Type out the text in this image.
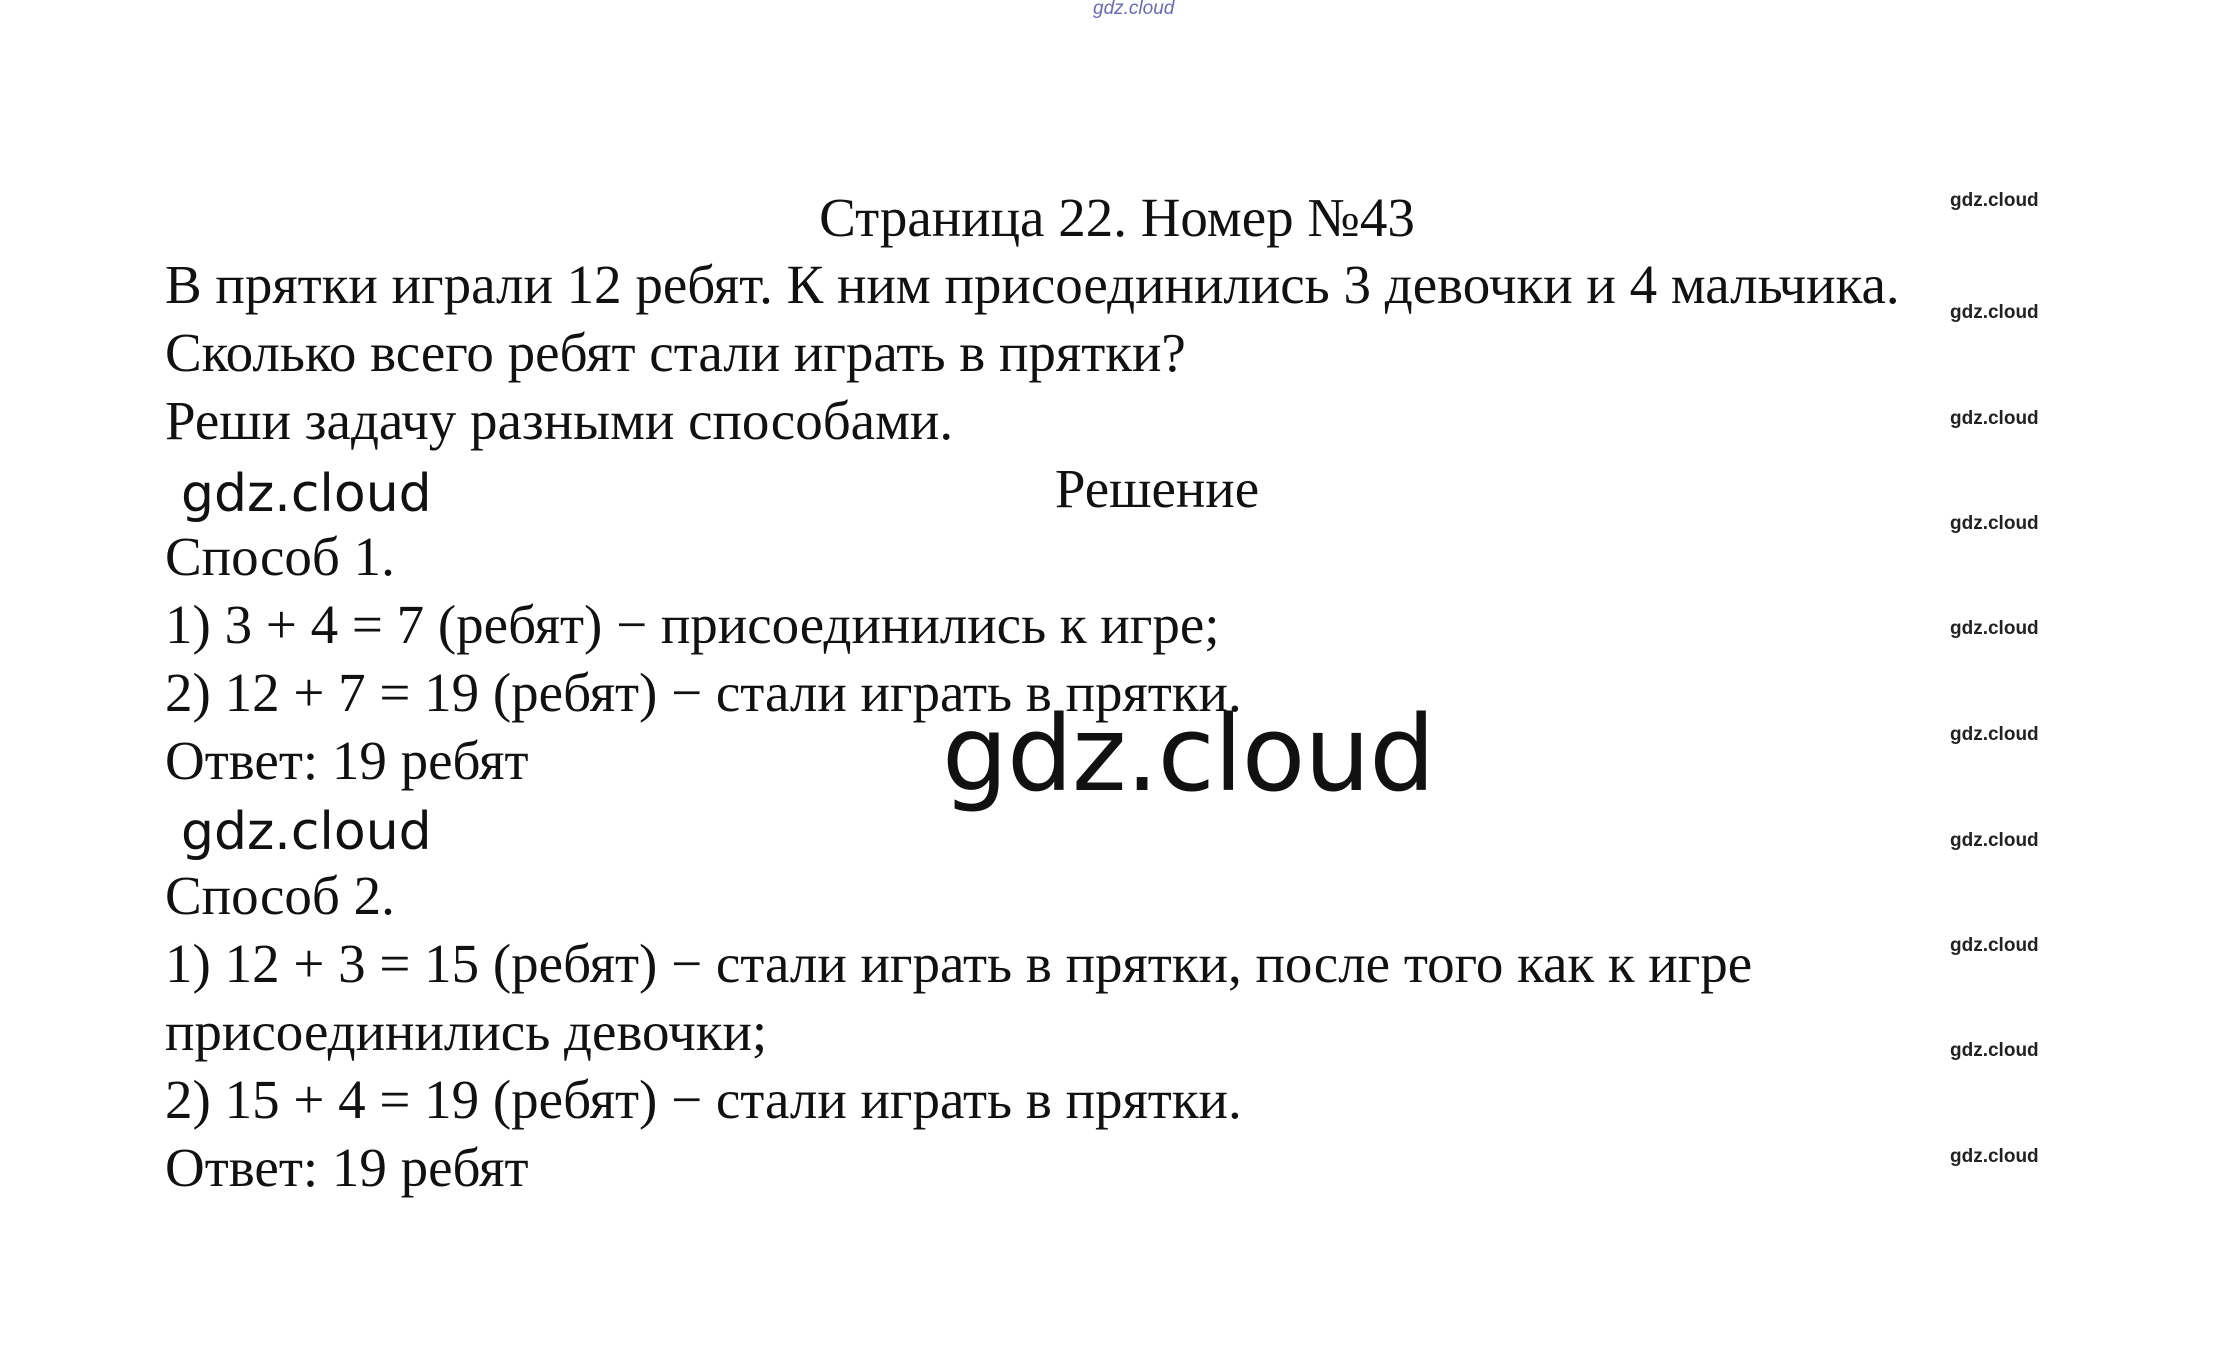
gdz.cloud
Страница 22. Номер №43
В прятки играли 12 ребят. К ним присоединились 3 девочки и 4 мальчика.
Сколько всего ребят стали играть в прятки?
Реши задачу разными способами.
Решение
gdz.cloud
Способ 1.
1) 3 + 4 = 7 (ребят) − присоединились к игре;
2) 12 + 7 = 19 (ребят) − стали играть в прятки.
Ответ: 19 ребят	gdz.cloud
gdz.cloud
Способ 2.
1) 12 + 3 = 15 (ребят) − стали играть в прятки, после того как к игре
присоединились девочки;
2) 15 + 4 = 19 (ребят) − стали играть в прятки.
Ответ: 19 ребят
gdz.cloud
gdz.cloud
gdz.cloud
gdz.cloud
gdz.cloud
gdz.cloud
gdz.cloud
gdz.cloud
gdz.cloud
gdz.cloud
